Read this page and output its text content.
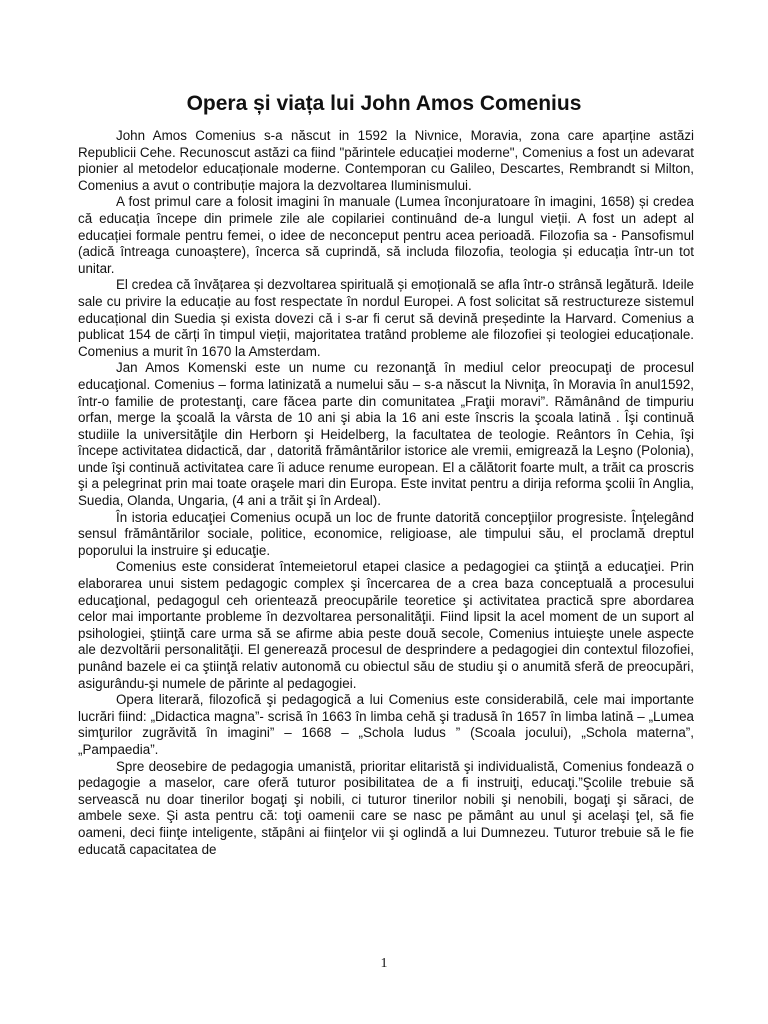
Opera și viața lui John Amos Comenius

John Amos Comenius s-a născut in 1592 la Nivnice, Moravia, zona care aparține astăzi Republicii Cehe. Recunoscut astăzi ca fiind "părintele educației moderne", Comenius a fost un adevarat pionier al metodelor educaționale moderne. Contemporan cu Galileo, Descartes, Rembrandt si Milton, Comenius a avut o contribuție majora la dezvoltarea Iluminismului.

A fost primul care a folosit imagini în manuale (Lumea înconjuratoare în imagini, 1658) și credea că educația începe din primele zile ale copilariei continuând de-a lungul vieții. A fost un adept al educației formale pentru femei, o idee de neconceput pentru acea perioadă. Filozofia sa - Pansofismul (adică întreaga cunoaștere), încerca să cuprindă, să includa filozofia, teologia și educația într-un tot unitar.

El credea că învățarea și dezvoltarea spirituală și emoțională se afla într-o strânsă legătură. Ideile sale cu privire la educație au fost respectate în nordul Europei. A fost solicitat să restructureze sistemul educațional din Suedia și exista dovezi că i s-ar fi cerut să devină președinte la Harvard. Comenius a publicat 154 de cărți în timpul vieții, majoritatea tratând probleme ale filozofiei și teologiei educaționale. Comenius a murit în 1670 la Amsterdam.

Jan Amos Komenski este un nume cu rezonanţă în mediul celor preocupaţi de procesul educaţional. Comenius – forma latinizată a numelui său – s-a născut la Nivniţa, în Moravia în anul1592, într-o familie de protestanţi, care făcea parte din comunitatea „Fraţii moravi”. Rămânând de timpuriu orfan, merge la şcoală la vârsta de 10 ani şi abia la 16 ani este înscris la şcoala latină . Îşi continuă studiile la universităţile din Herborn şi Heidelberg, la facultatea de teologie. Reântors în Cehia, îşi începe activitatea didactică, dar , datorită frământărilor istorice ale vremii, emigrează la Leşno (Polonia), unde îşi continuă activitatea care îi aduce renume european. El a călătorit foarte mult, a trăit ca proscris şi a pelegrinat prin mai toate oraşele mari din Europa. Este invitat pentru a dirija reforma şcolii în Anglia, Suedia, Olanda, Ungaria, (4 ani a trăit şi în Ardeal).

În istoria educaţiei Comenius ocupă un loc de frunte datorită concepţiilor progresiste. Înţelegând sensul frământărilor sociale, politice, economice, religioase, ale timpului său, el proclamă dreptul poporului la instruire şi educaţie.

Comenius este considerat întemeietorul etapei clasice a pedagogiei ca ştiinţă a educaţiei. Prin elaborarea unui sistem pedagogic complex şi încercarea de a crea baza conceptuală a procesului educaţional, pedagogul ceh orientează preocupările teoretice şi activitatea practică spre abordarea celor mai importante probleme în dezvoltarea personalităţii. Fiind lipsit la acel moment de un suport al psihologiei, ştiinţă care urma să se afirme abia peste două secole, Comenius intuieşte unele aspecte ale dezvoltării personalităţii. El generează procesul de desprindere a pedagogiei din contextul filozofiei, punând bazele ei ca ştiinţă relativ autonomă cu obiectul său de studiu şi o anumită sferă de preocupări, asigurându-şi numele de părinte al pedagogiei.

Opera literară, filozofică şi pedagogică a lui Comenius este considerabilă, cele mai importante lucrări fiind: „Didactica magna”- scrisă în 1663 în limba cehă şi tradusă în 1657 în limba latină – „Lumea simţurilor zugrăvită în imagini” – 1668 – „Schola ludus ” (Scoala jocului), „Schola materna”, „Pampaedia”.

Spre deosebire de pedagogia umanistă, prioritar elitaristă şi individualistă, Comenius fondează o pedagogie a maselor, care oferă tuturor posibilitatea de a fi instruiţi, educaţi.”Şcolile trebuie să servească nu doar tinerilor bogaţi şi nobili, ci tuturor tinerilor nobili şi nenobili, bogaţi şi săraci, de ambele sexe. Şi asta pentru că: toţi oamenii care se nasc pe pământ au unul şi acelaşi ţel, să fie oameni, deci fiinţe inteligente, stăpâni ai fiinţelor vii şi oglindă a lui Dumnezeu. Tuturor trebuie să le fie educată capacitatea de

1
